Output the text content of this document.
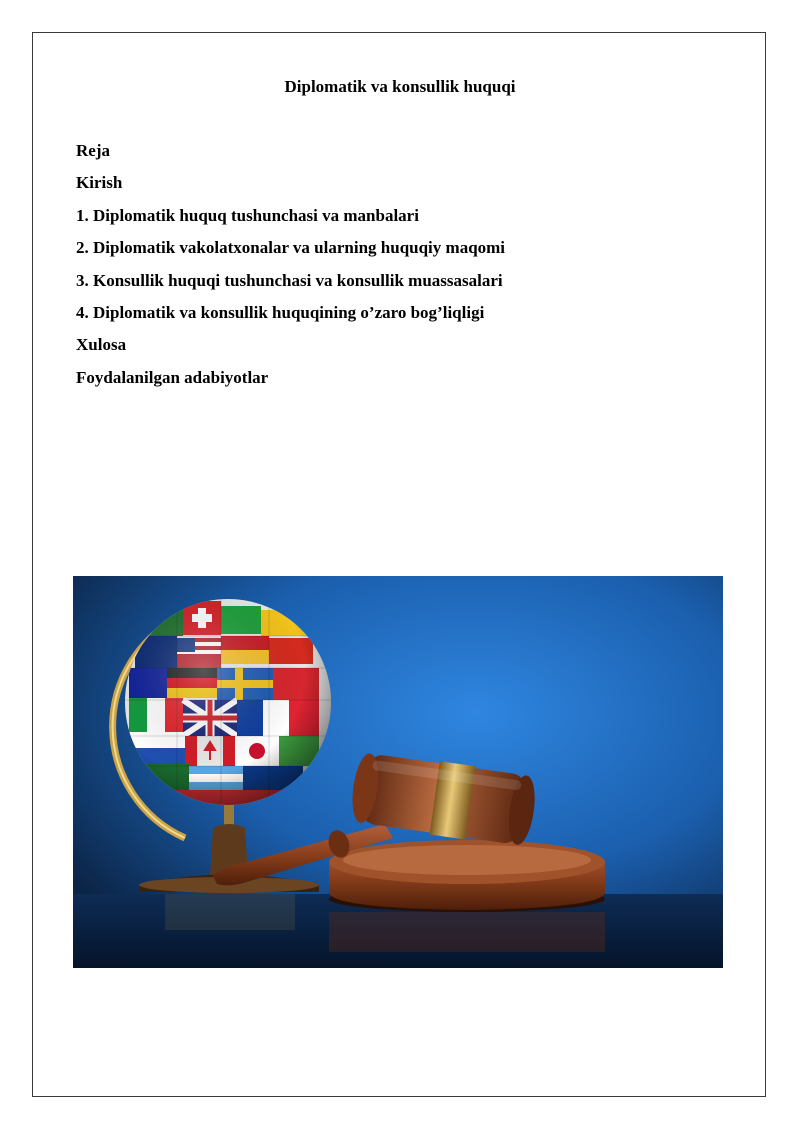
Diplomatik va konsullik huquqi
Reja
Kirish
1. Diplomatik huquq tushunchasi va manbalari
2. Diplomatik vakolatxonalar va ularning huquqiy maqomi
3. Konsullik huquqi tushunchasi va konsullik muassasalari
4. Diplomatik va konsullik huquqining o’zaro bog’liqligi
Xulosa
Foydalanilgan adabiyotlar
